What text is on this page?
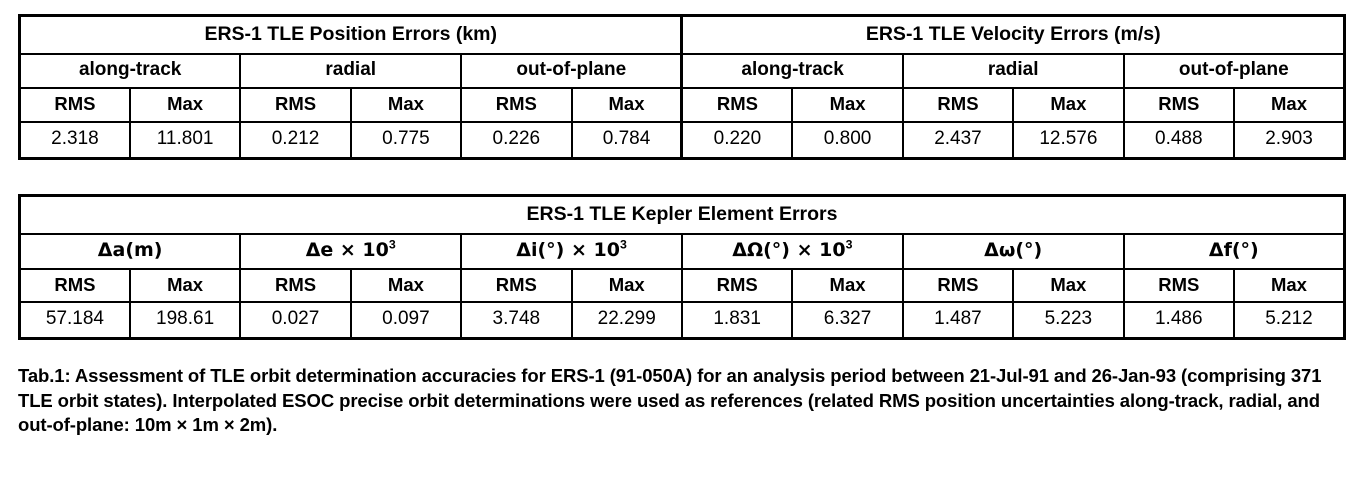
ERS-1 TLE Position Errors (km)						ERS-1 TLE Velocity Errors (m/s)					
along-track		radial		out-of-plane		along-track		radial		out-of-plane	
RMS	Max	RMS	Max	RMS	Max	RMS	Max	RMS	Max	RMS	Max
2.318	11.801	0.212	0.775	0.226	0.784	0.220	0.800	2.437	12.576	0.488	2.903
ERS-1 TLE Kepler Element Errors											
Δa(m)		$\Delta e \times 10^3$		$\Delta i(^\circ) \times 10^3$		$\Delta\Omega(^\circ) \times 10^3$		Δω(°)		Δf(°)	
RMS	Max	RMS	Max	RMS	Max	RMS	Max	RMS	Max	RMS	Max
57.184	198.61	0.027	0.097	3.748	22.299	1.831	6.327	1.487	5.223	1.486	5.212
Tab.1: Assessment of TLE orbit determination accuracies for ERS-1 (91-050A) for an analysis period between 21-Jul-91 and 26-Jan-93 (comprising 371 TLE orbit states). Interpolated ESOC precise orbit determinations were used as references (related RMS position uncertainties along-track, radial, and out-of-plane: 10m × 1m × 2m).
